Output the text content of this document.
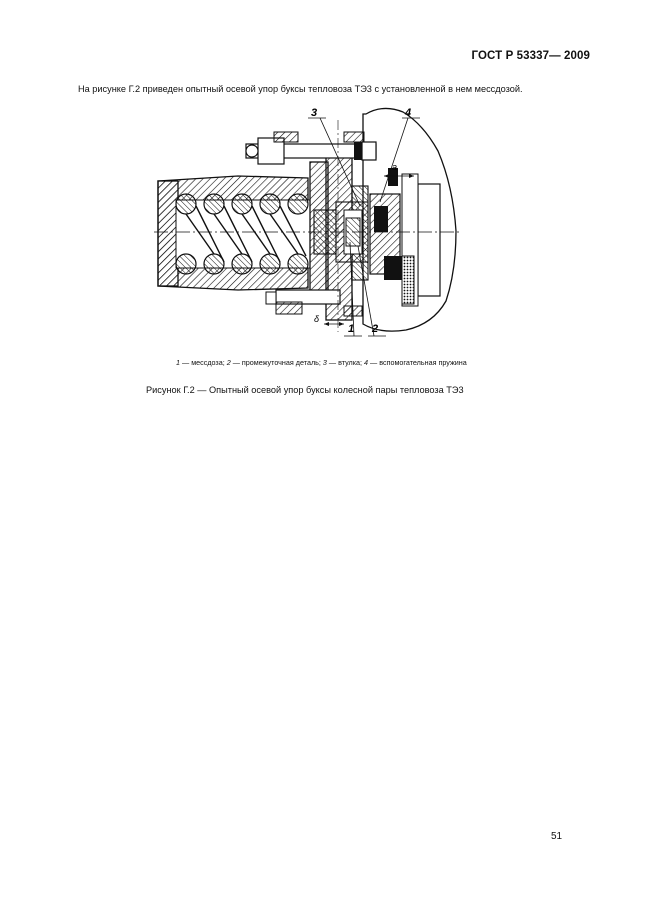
ГОСТ Р 53337— 2009
На рисунке Г.2 приведен опытный осевой упор буксы тепловоза ТЭ3 с установленной в нем мессдозой.
a
δ
3	4
1 2
1 — мессдоза; 2 — промежуточная деталь; 3 — втулка; 4 — вспомогательная пружина
Рисунок Г.2 — Опытный осевой упор буксы колесной пары тепловоза ТЭ3
51
